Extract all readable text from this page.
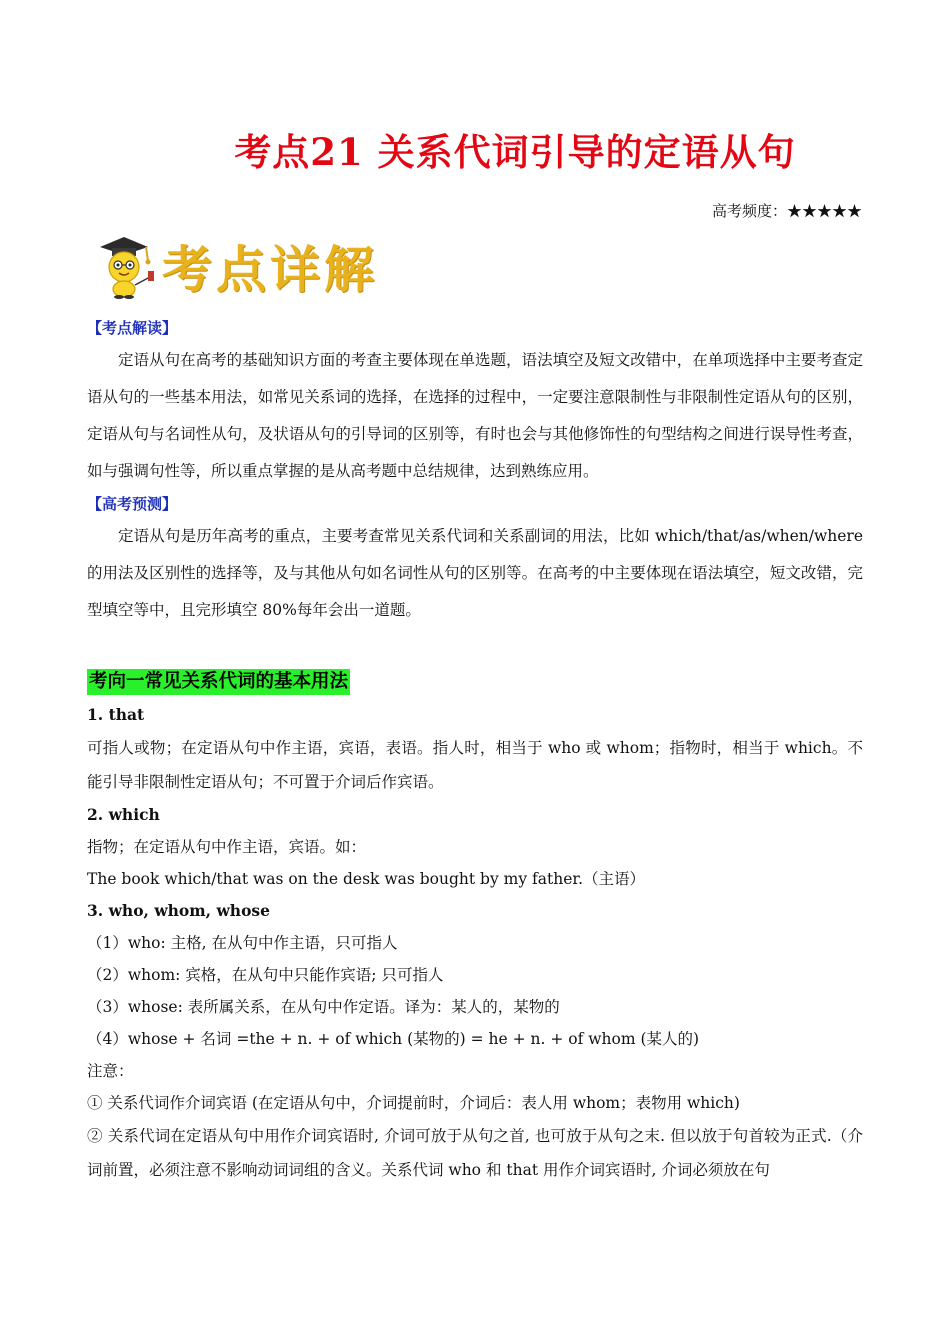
考点21 关系代词引导的定语从句
高考频度：★★★★★
考点详解

【考点解读】

定语从句在高考的基础知识方面的考查主要体现在单选题，语法填空及短文改错中，在单项选择中主要考查定语从句的一些基本用法，如常见关系词的选择，在选择的过程中，一定要注意限制性与非限制性定语从句的区别，定语从句与名词性从句，及状语从句的引导词的区别等，有时也会与其他修饰性的句型结构之间进行误导性考查，如与强调句性等，所以重点掌握的是从高考题中总结规律，达到熟练应用。

【高考预测】

定语从句是历年高考的重点，主要考查常见关系代词和关系副词的用法，比如 which/that/as/when/where 的用法及区别性的选择等，及与其他从句如名词性从句的区别等。在高考的中主要体现在语法填空，短文改错，完型填空等中，且完形填空 80%每年会出一道题。

考向一常见关系代词的基本用法

1. that

可指人或物；在定语从句中作主语，宾语，表语。指人时，相当于 who 或 whom；指物时，相当于 which。不能引导非限制性定语从句；不可置于介词后作宾语。

2. which

指物；在定语从句中作主语，宾语。如：

The book which/that was on the desk was bought by my father.（主语）

3. who, whom, whose

（1）who: 主格, 在从句中作主语，只可指人

（2）whom: 宾格，在从句中只能作宾语; 只可指人

（3）whose: 表所属关系，在从句中作定语。译为：某人的，某物的

（4）whose + 名词 =the + n. + of which (某物的) = he + n. + of whom (某人的)

注意：

① 关系代词作介词宾语 (在定语从句中，介词提前时，介词后：表人用 whom；表物用 which)

② 关系代词在定语从句中用作介词宾语时, 介词可放于从句之首, 也可放于从句之末. 但以放于句首较为正式.（介词前置，必须注意不影响动词词组的含义。关系代词 who 和 that 用作介词宾语时, 介词必须放在句
